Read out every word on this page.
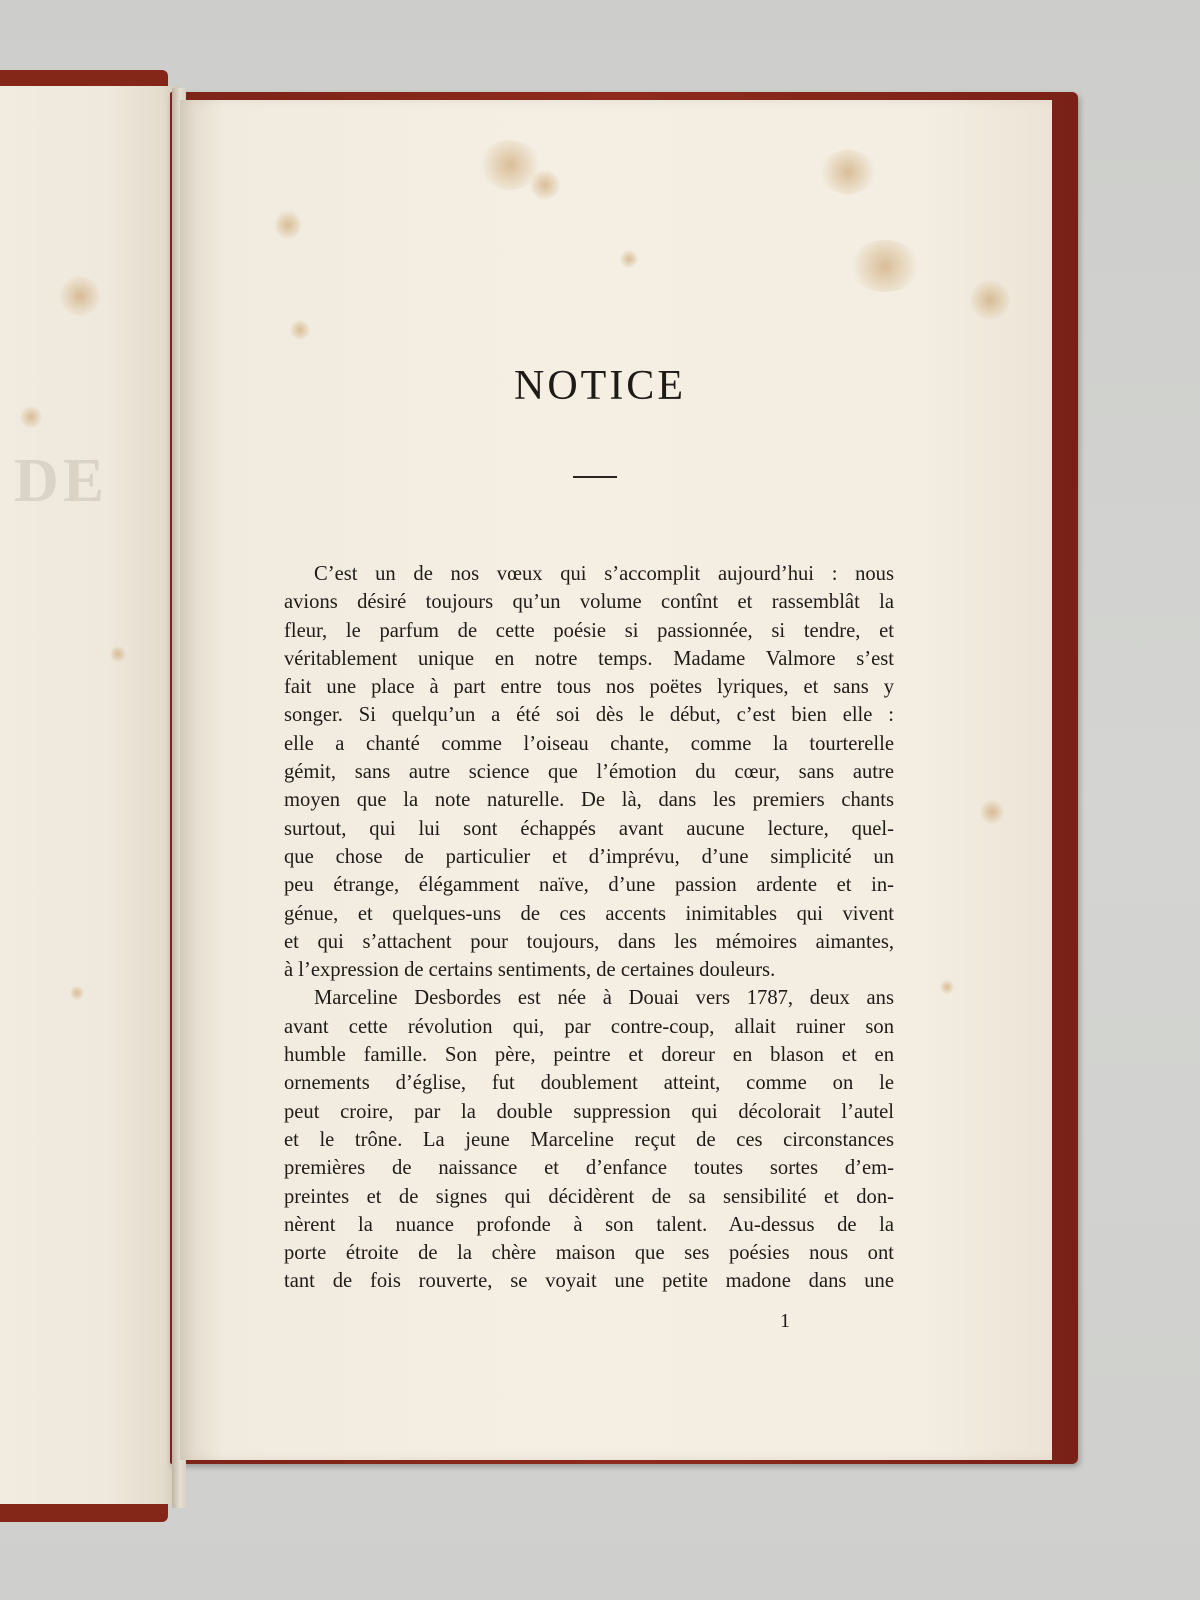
DE
NOTICE
C’est un de nos vœux qui s’accomplit aujourd’hui : nous
avions désiré toujours qu’un volume contînt et rassemblât la
fleur, le parfum de cette poésie si passionnée, si tendre, et
véritablement unique en notre temps. Madame Valmore s’est
fait une place à part entre tous nos poëtes lyriques, et sans y
songer. Si quelqu’un a été soi dès le début, c’est bien elle :
elle a chanté comme l’oiseau chante, comme la tourterelle
gémit, sans autre science que l’émotion du cœur, sans autre
moyen que la note naturelle. De là, dans les premiers chants
surtout, qui lui sont échappés avant aucune lecture, quel-
que chose de particulier et d’imprévu, d’une simplicité un
peu étrange, élégamment naïve, d’une passion ardente et in-
génue, et quelques-uns de ces accents inimitables qui vivent
et qui s’attachent pour toujours, dans les mémoires aimantes,
à l’expression de certains sentiments, de certaines douleurs.
Marceline Desbordes est née à Douai vers 1787, deux ans
avant cette révolution qui, par contre-coup, allait ruiner son
humble famille. Son père, peintre et doreur en blason et en
ornements d’église, fut doublement atteint, comme on le
peut croire, par la double suppression qui décolorait l’autel
et le trône. La jeune Marceline reçut de ces circonstances
premières de naissance et d’enfance toutes sortes d’em-
preintes et de signes qui décidèrent de sa sensibilité et don-
nèrent la nuance profonde à son talent. Au-dessus de la
porte étroite de la chère maison que ses poésies nous ont
tant de fois rouverte, se voyait une petite madone dans une
1
